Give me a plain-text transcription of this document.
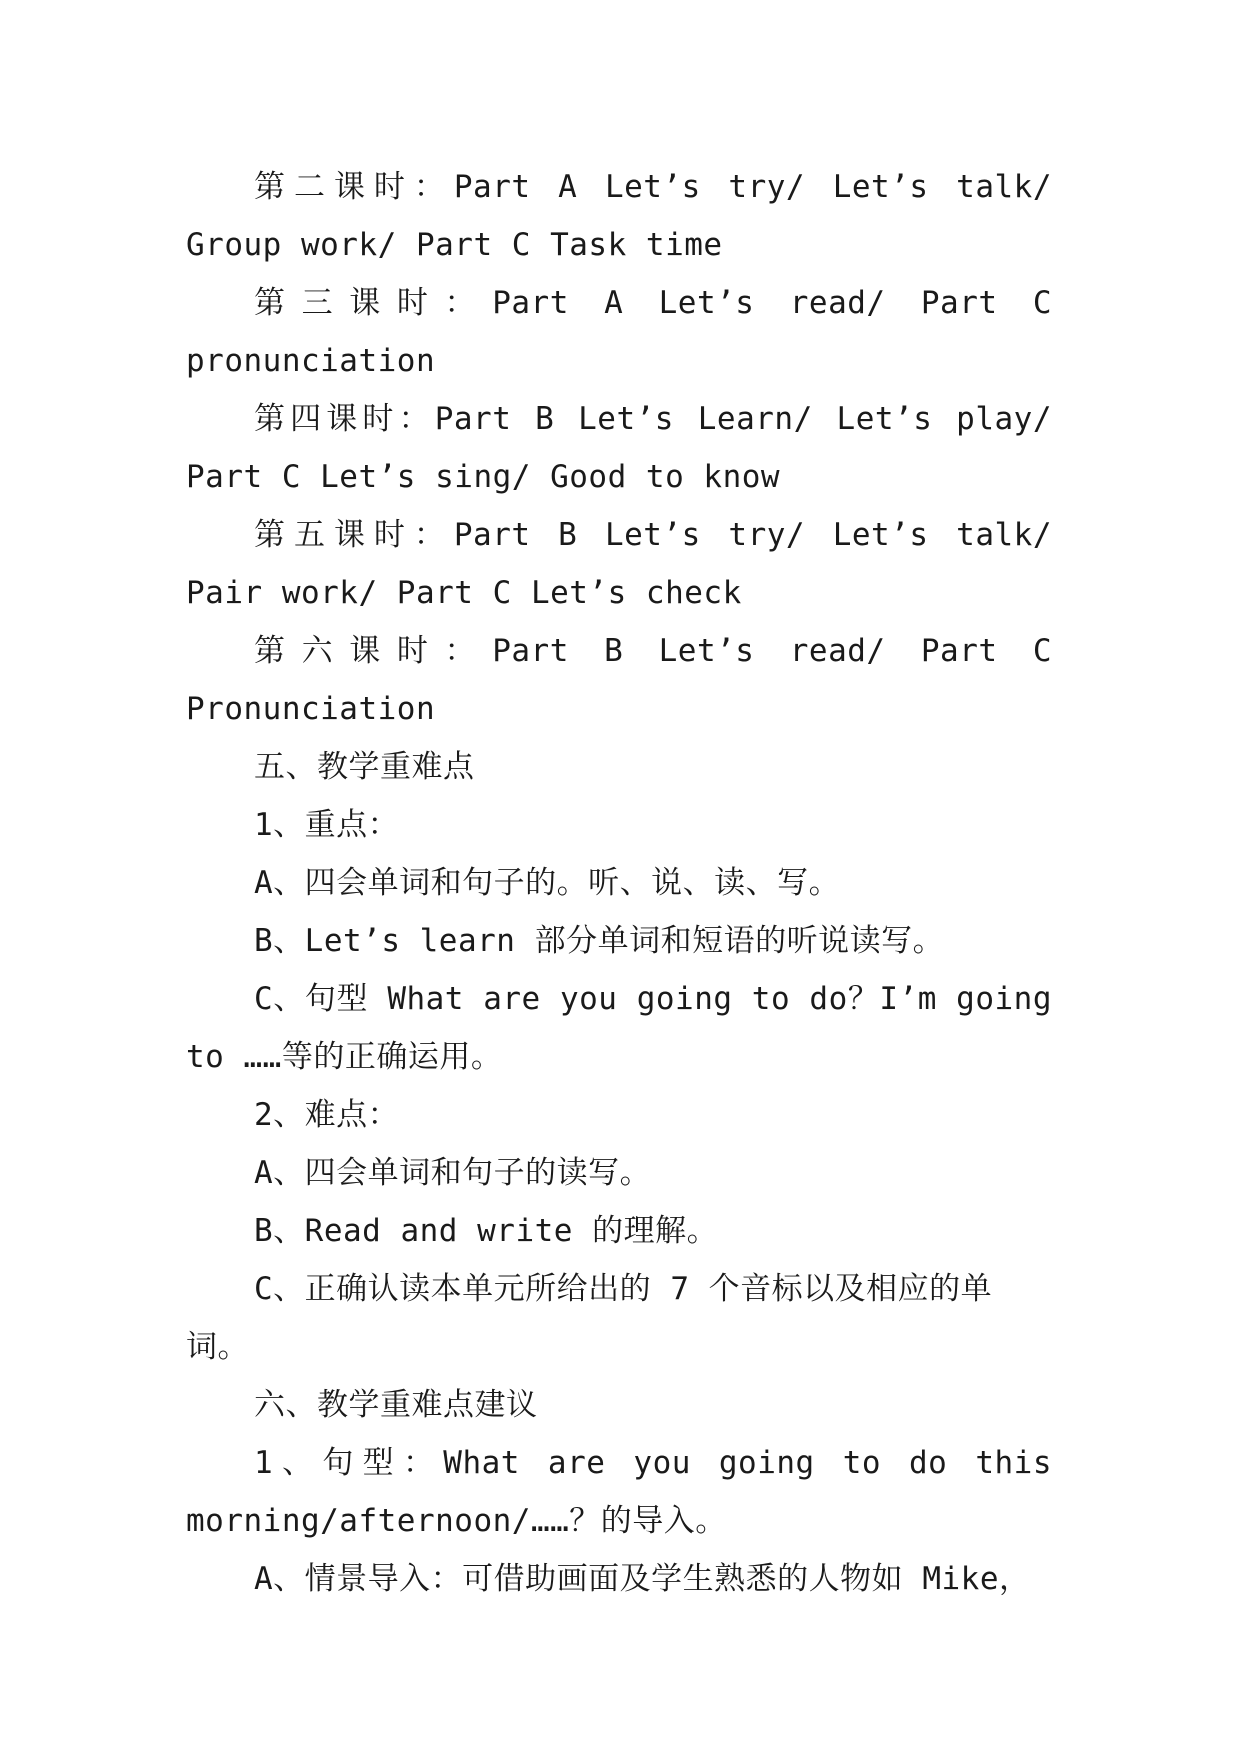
第二课时：Part A Let’s try/ Let’s talk/ Group work/ Part C Task time

第三课时：Part A Let’s read/ Part C pronunciation

第四课时：Part B Let’s Learn/ Let’s play/ Part C Let’s sing/ Good to know

第五课时：Part B Let’s try/ Let’s talk/ Pair work/ Part C Let’s check

第六课时：Part B Let’s read/ Part C Pronunciation

五、教学重难点

1、重点：

A、四会单词和句子的。听、说、读、写。

B、Let’s learn 部分单词和短语的听说读写。

C、句型 What are you going to do？I’m going to ……等的正确运用。

2、难点：

A、四会单词和句子的读写。

B、Read and write 的理解。

C、正确认读本单元所给出的 7 个音标以及相应的单词。

六、教学重难点建议

1、句型：What are you going to do this morning/afternoon/……？的导入。

A、情景导入：可借助画面及学生熟悉的人物如 Mike，
